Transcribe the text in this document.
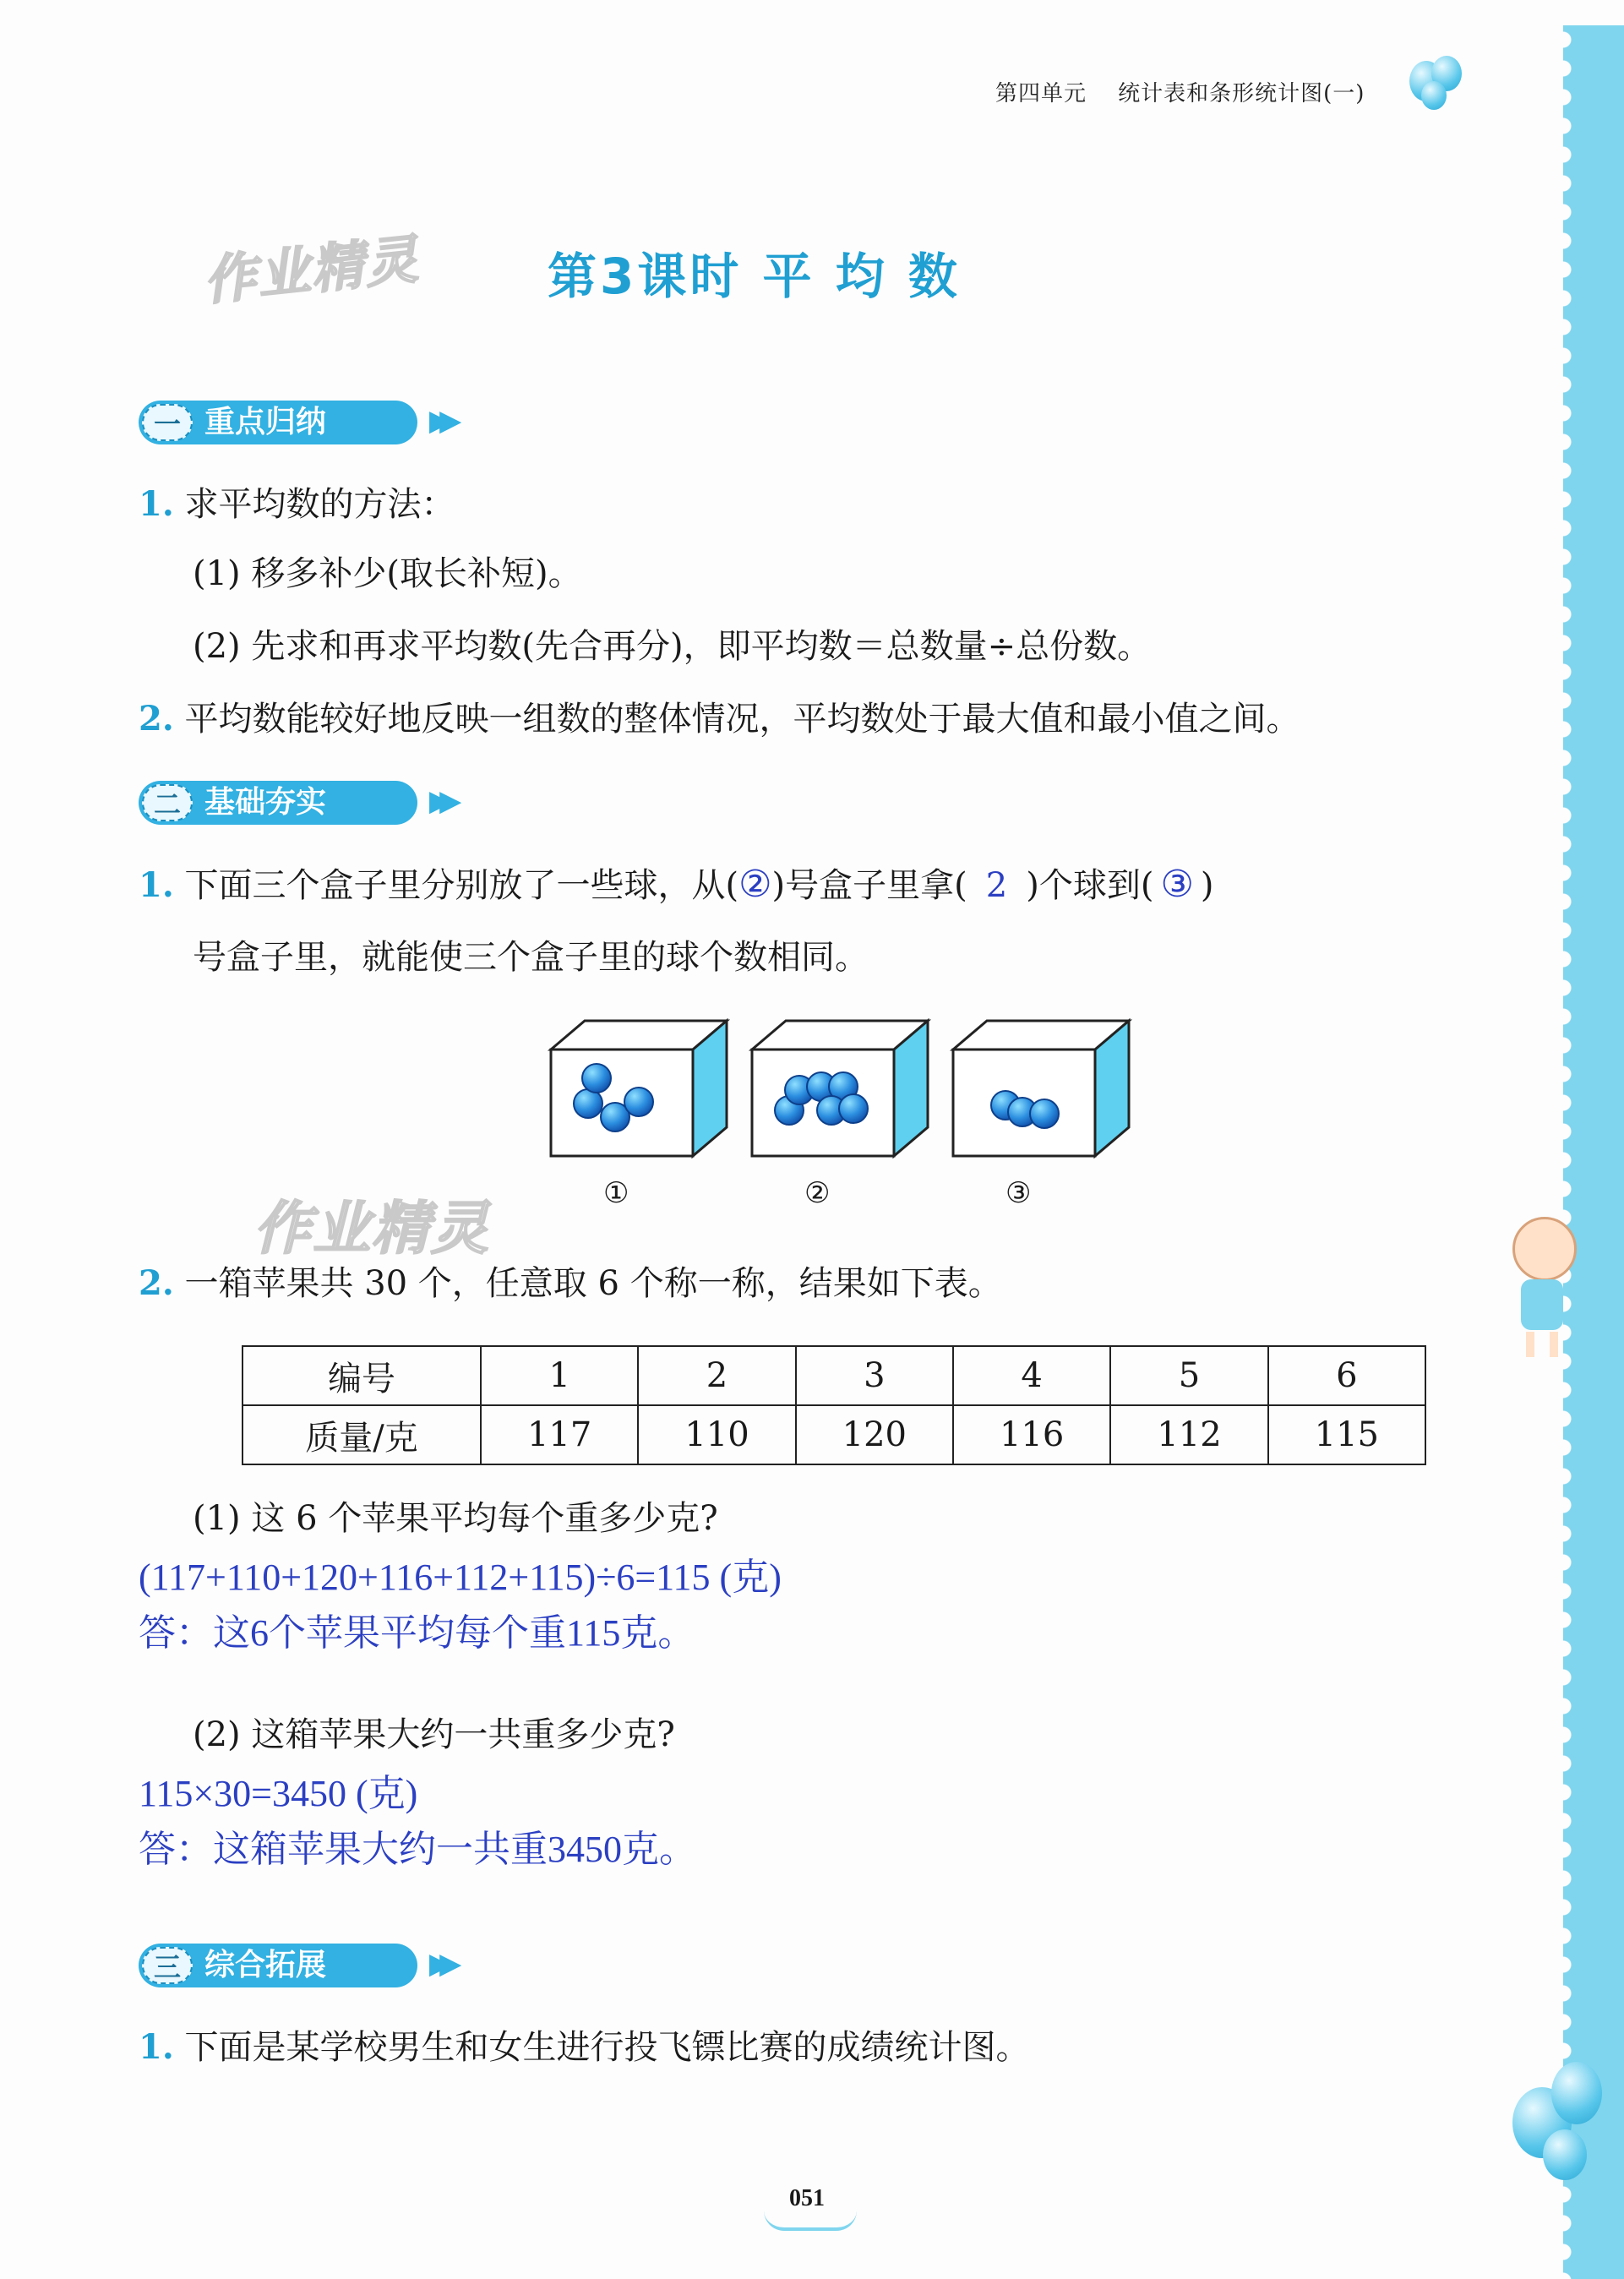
第四单元 统计表和条形统计图(一)
作业精灵	第3课时 平 均 数
一 重点归纳	▶▶
1. 求平均数的方法：
(1) 移多补少(取长补短)。
(2) 先求和再求平均数(先合再分)，即平均数＝总数量÷总份数。
2. 平均数能较好地反映一组数的整体情况，平均数处于最大值和最小值之间。
二 基础夯实	▶▶
1. 下面三个盒子里分别放了一些球，从(②)号盒子里拿( 2 )个球到( ③ )
号盒子里，就能使三个盒子里的球个数相同。
①	②	③
作业精灵
2. 一箱苹果共 30 个，任意取 6 个称一称，结果如下表。
编号	1	2	3	4	5	6
质量/克	117	110	120	116	112	115
(1) 这 6 个苹果平均每个重多少克?
(117+110+120+116+112+115)÷6=115 (克)
答：这6个苹果平均每个重115克。
(2) 这箱苹果大约一共重多少克?
115×30=3450 (克)
答：这箱苹果大约一共重3450克。
三 综合拓展	▶▶
1. 下面是某学校男生和女生进行投飞镖比赛的成绩统计图。
051
